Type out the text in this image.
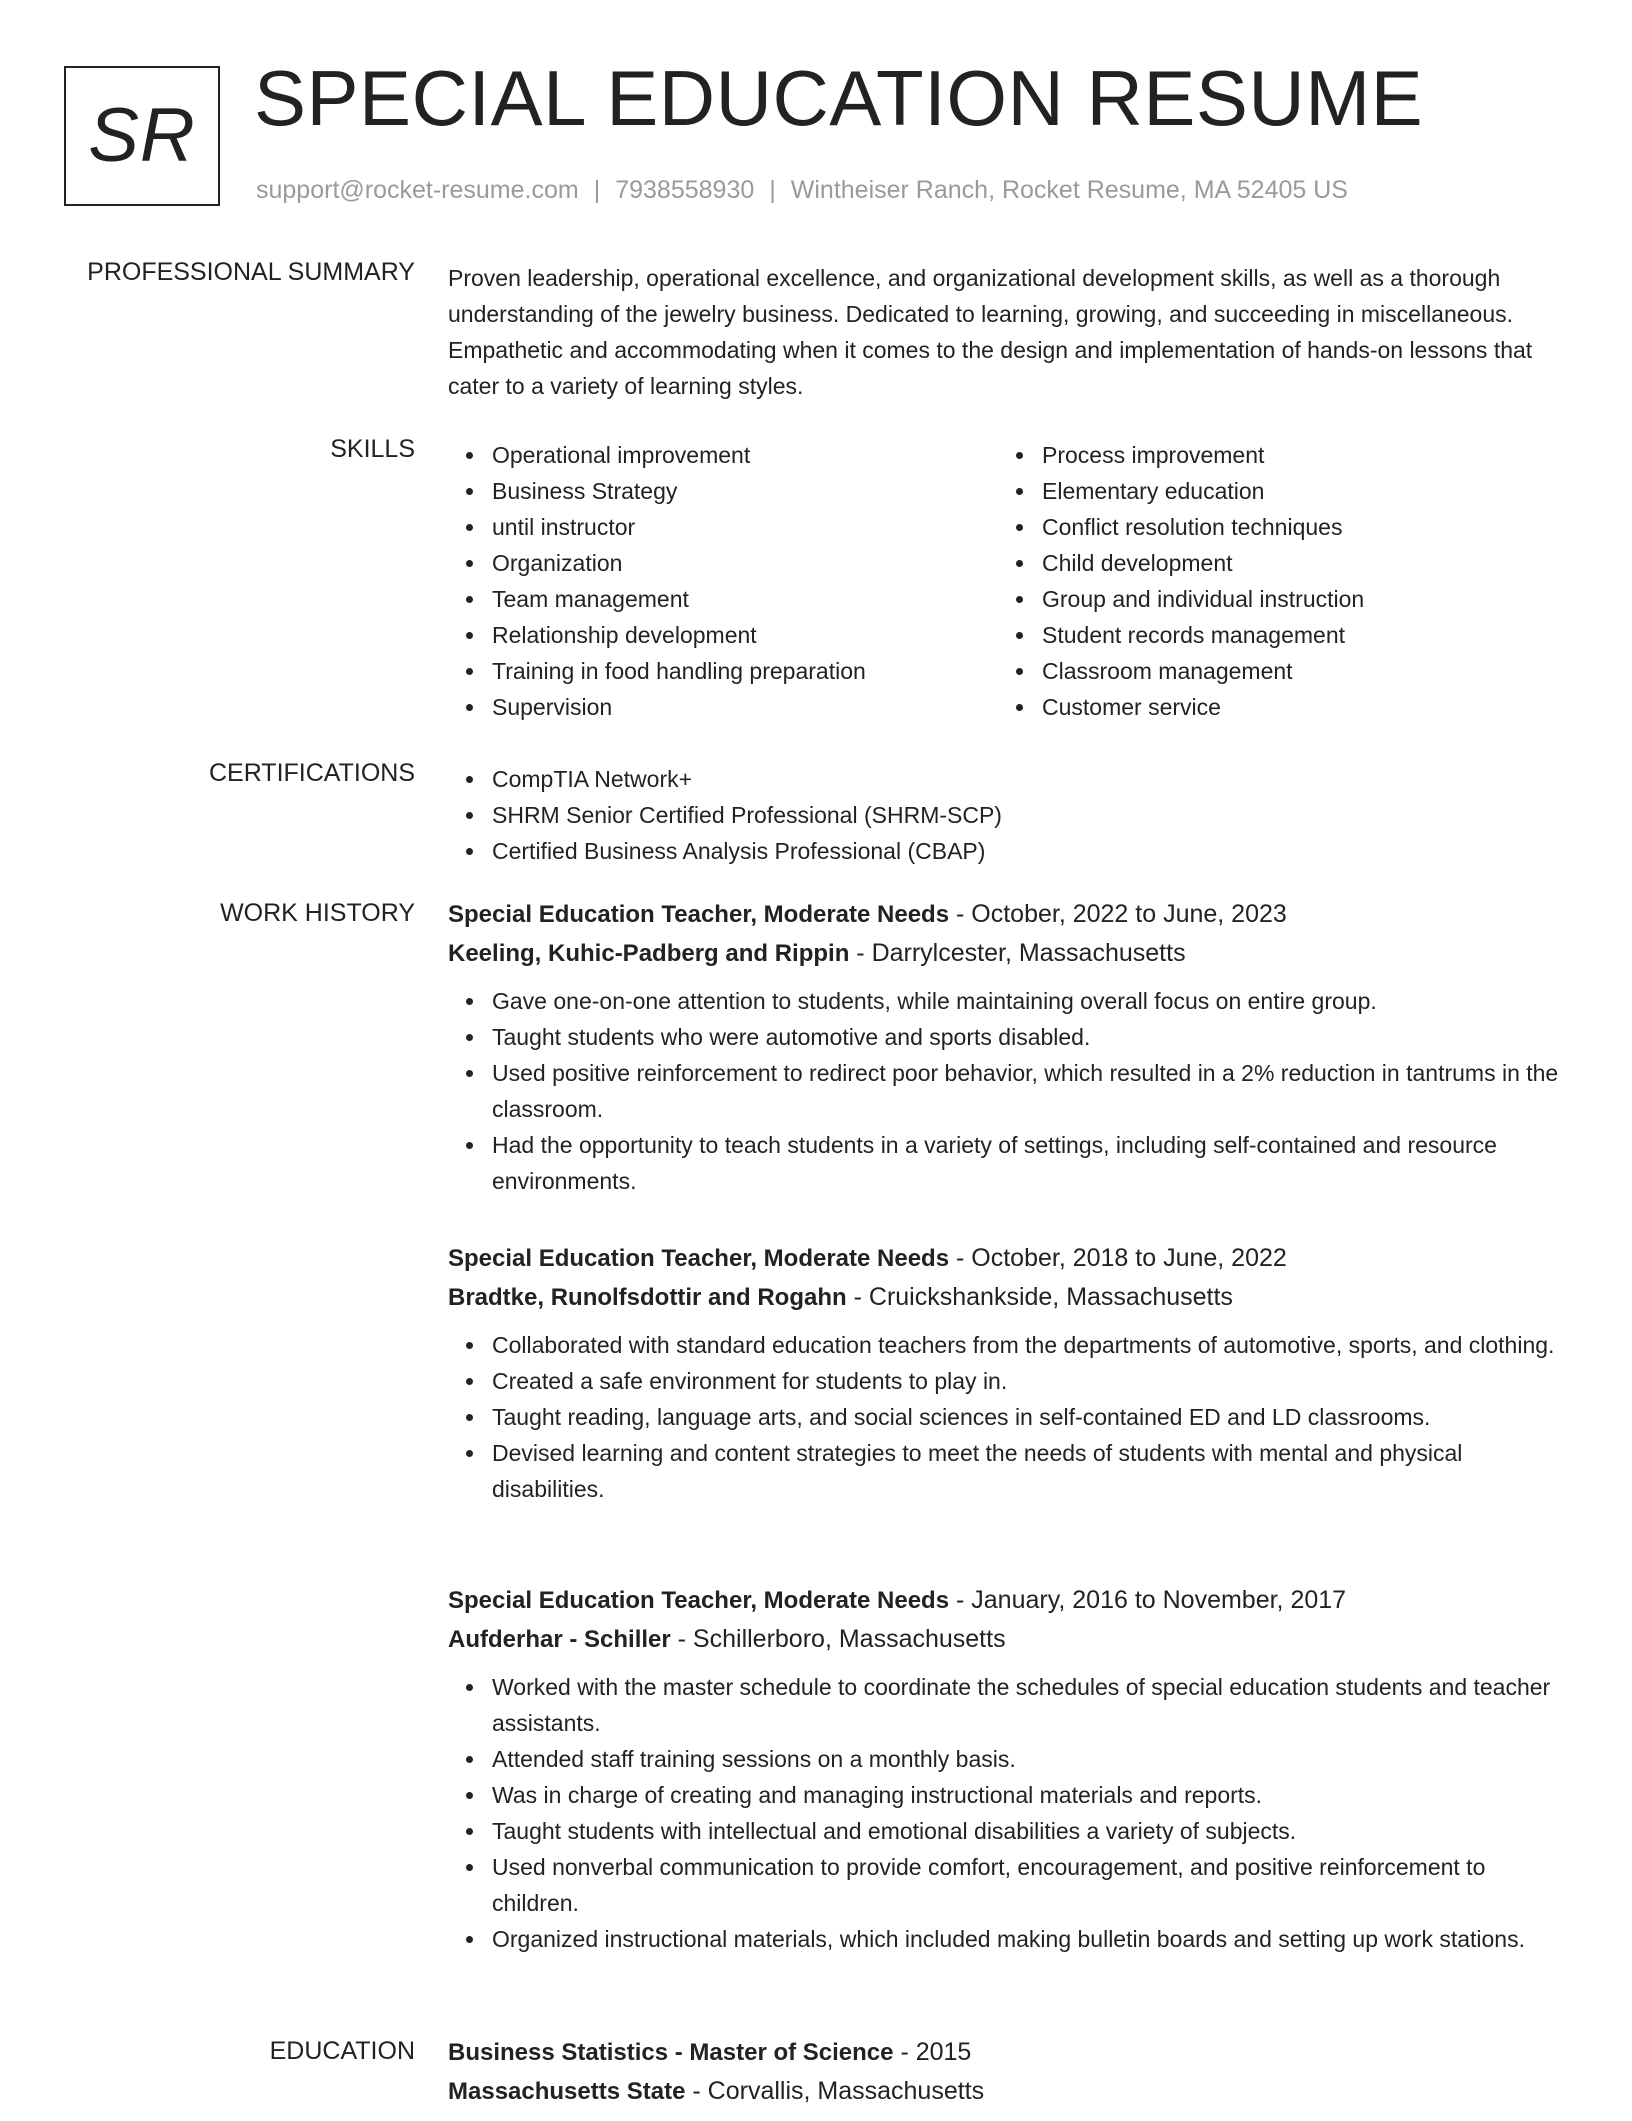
SR SPECIAL EDUCATION RESUME
support@rocket-resume.com | 7938558930 | Wintheiser Ranch, Rocket Resume, MA 52405 US
PROFESSIONAL SUMMARY Proven leadership, operational excellence, and organizational development skills, as well as a thorough understanding of the jewelry business. Dedicated to learning, growing, and succeeding in miscellaneous. Empathetic and accommodating when it comes to the design and implementation of hands-on lessons that cater to a variety of learning styles.

SKILLS	Operational improvement
Business Strategy
until instructor
Organization
Team management
Relationship development
Training in food handling preparation
Supervision
Process improvement
Elementary education
Conflict resolution techniques
Child development
Group and individual instruction
Student records management
Classroom management
Customer service
CERTIFICATIONS	CompTIA Network+
SHRM Senior Certified Professional (SHRM-SCP)
Certified Business Analysis Professional (CBAP)
WORK HISTORY Special Education Teacher, Moderate Needs - October, 2022 to June, 2023
Keeling, Kuhic-Padberg and Rippin - Darrylcester, Massachusetts
Gave one-on-one attention to students, while maintaining overall focus on entire group.
Taught students who were automotive and sports disabled.
Used positive reinforcement to redirect poor behavior, which resulted in a 2% reduction in tantrums in the classroom.
Had the opportunity to teach students in a variety of settings, including self-contained and resource environments.
Special Education Teacher, Moderate Needs - October, 2018 to June, 2022
Bradtke, Runolfsdottir and Rogahn - Cruickshankside, Massachusetts
Collaborated with standard education teachers from the departments of automotive, sports, and clothing.
Created a safe environment for students to play in.
Taught reading, language arts, and social sciences in self-contained ED and LD classrooms.
Devised learning and content strategies to meet the needs of students with mental and physical disabilities.
Special Education Teacher, Moderate Needs - January, 2016 to November, 2017
Aufderhar - Schiller - Schillerboro, Massachusetts
Worked with the master schedule to coordinate the schedules of special education students and teacher assistants.
Attended staff training sessions on a monthly basis.
Was in charge of creating and managing instructional materials and reports.
Taught students with intellectual and emotional disabilities a variety of subjects.
Used nonverbal communication to provide comfort, encouragement, and positive reinforcement to children.
Organized instructional materials, which included making bulletin boards and setting up work stations.
EDUCATION Business Statistics - Master of Science - 2015
Massachusetts State - Corvallis, Massachusetts
